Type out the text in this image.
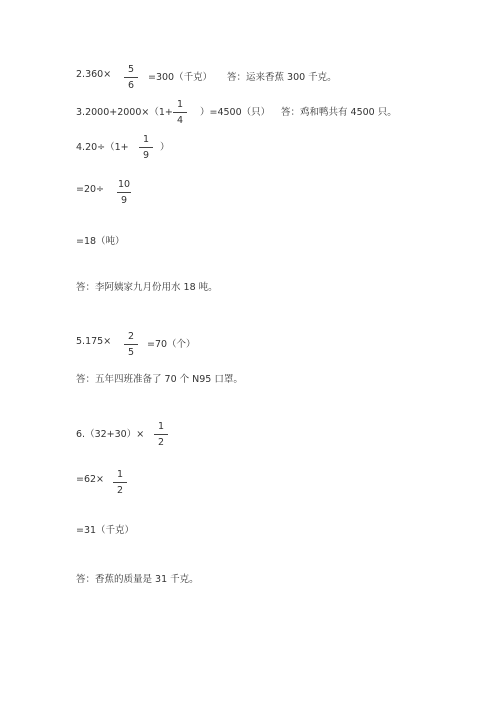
2.360×	5
6
=300（千克） 答：运来香蕉 300 千克。
3.2000+2000×（1+
1
4
）=4500（只） 答：鸡和鸭共有 4500 只。
4.20÷（1+
1
9
）
=20÷ 10
9
=18（吨）
答：李阿姨家九月份用水 18 吨。
5.175×	2
5
=70（个）
答：五年四班准备了 70 个 N95 口罩。
6.（32+30）×
1
2
=62×	1
2
=31（千克）
答：香蕉的质量是 31 千克。
